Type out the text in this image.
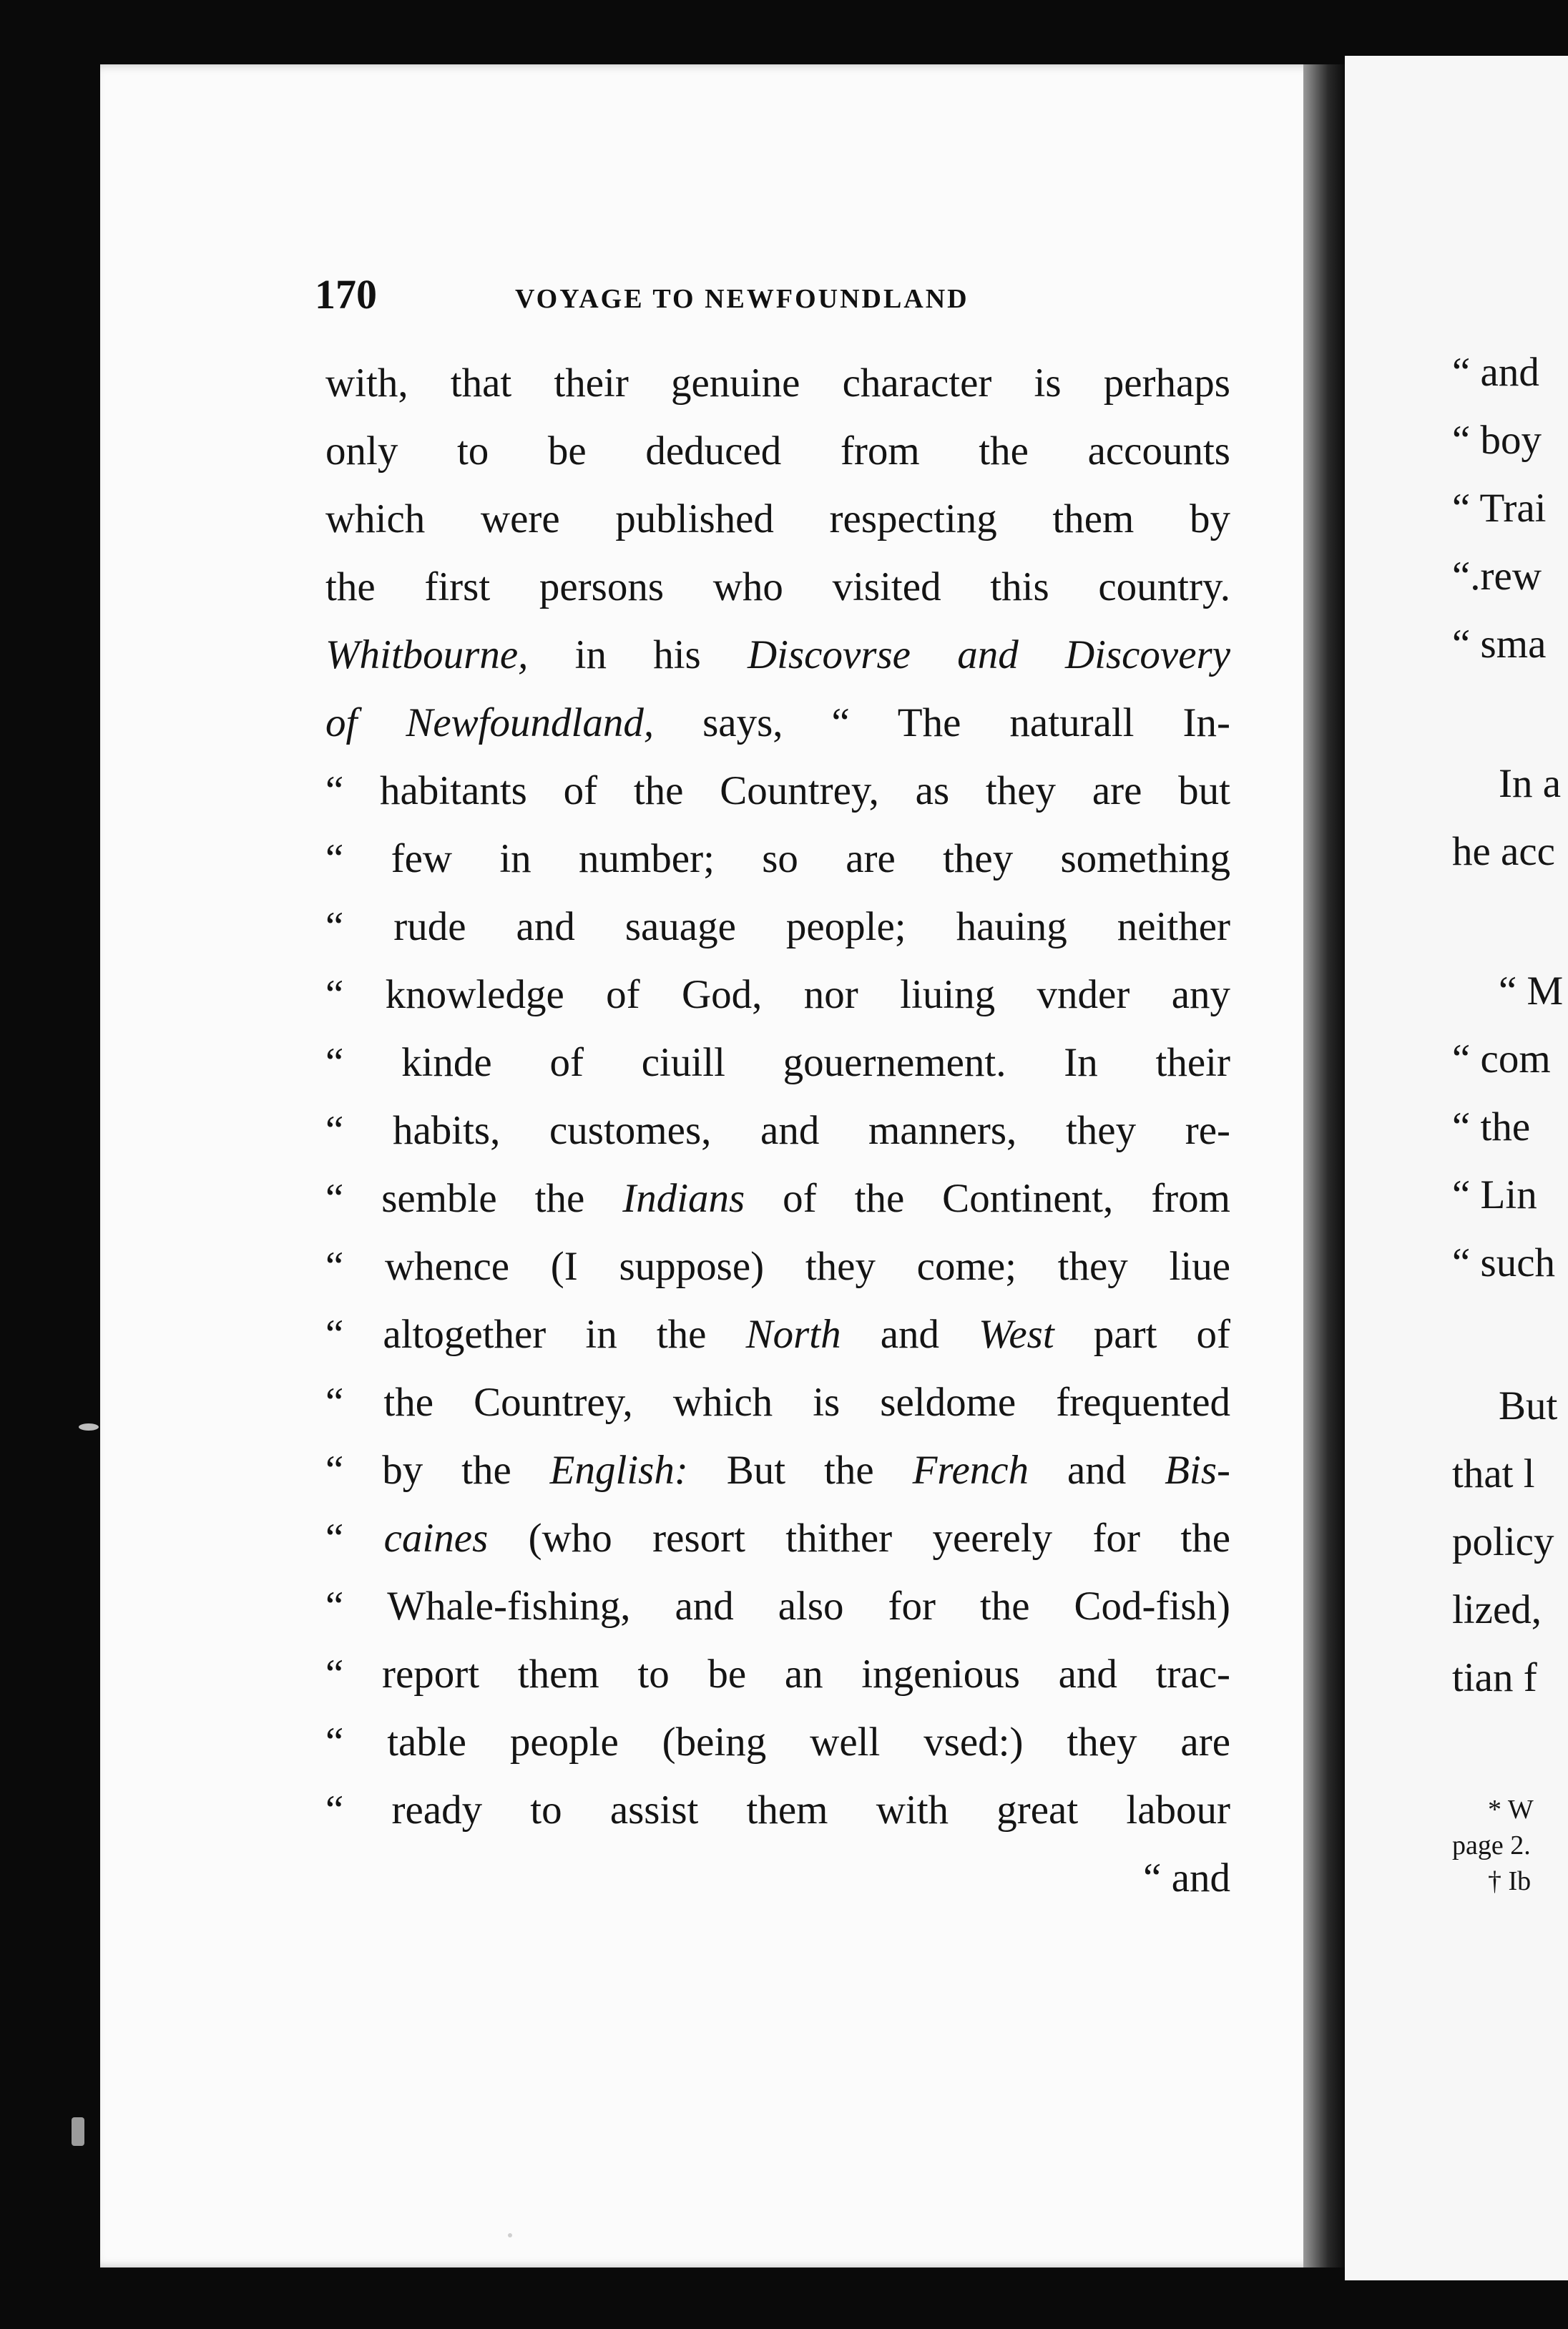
“ and
“ boy
“ Trai
“.rew
“ sma
In a
he acc
“ M
“ com
“ the
“ Lin
“ such
But
that l
policy
lized,
tian f
* W
page 2.
† Ib
170	VOYAGE TO NEWFOUNDLAND
with, that their genuine character is perhaps
only to be deduced from the accounts
which were published respecting them by
the first persons who visited this country.
Whitbourne, in his Discovrse and Discovery
of Newfoundland, says, “ The naturall In-
“ habitants of the Countrey, as they are but
“ few in number; so are they something
“ rude and sauage people; hauing neither
“ knowledge of God, nor liuing vnder any
“ kinde of ciuill gouernement. In their
“ habits, customes, and manners, they re-
“ semble the Indians of the Continent, from
“ whence (I suppose) they come; they liue
“ altogether in the North and West part of
“ the Countrey, which is seldome frequented
“ by the English: But the French and Bis-
“ caines (who resort thither yeerely for the
“ Whale-fishing, and also for the Cod-fish)
“ report them to be an ingenious and trac-
“ table people (being well vsed:) they are
“ ready to assist them with great labour
“ and
